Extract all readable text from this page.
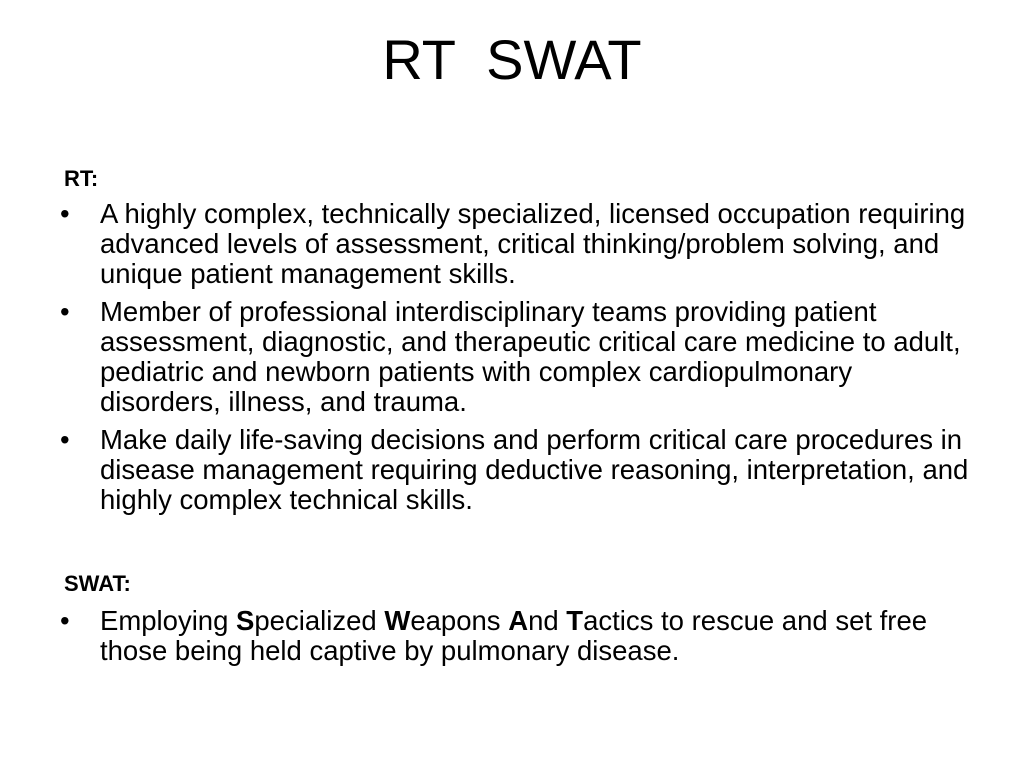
RT  SWAT
RT:
•	A highly complex, technically specialized, licensed occupation requiring advanced levels of assessment, critical thinking/problem solving, and unique patient management skills.
•	Member of professional interdisciplinary teams providing patient assessment, diagnostic, and therapeutic critical care medicine to adult, pediatric and newborn patients with complex cardiopulmonary disorders, illness, and trauma.
•	Make daily life-saving decisions and perform critical care procedures in disease management requiring deductive reasoning, interpretation, and highly complex technical skills.
SWAT:
•	Employing Specialized Weapons And Tactics to rescue and set free those being held captive by pulmonary disease.
